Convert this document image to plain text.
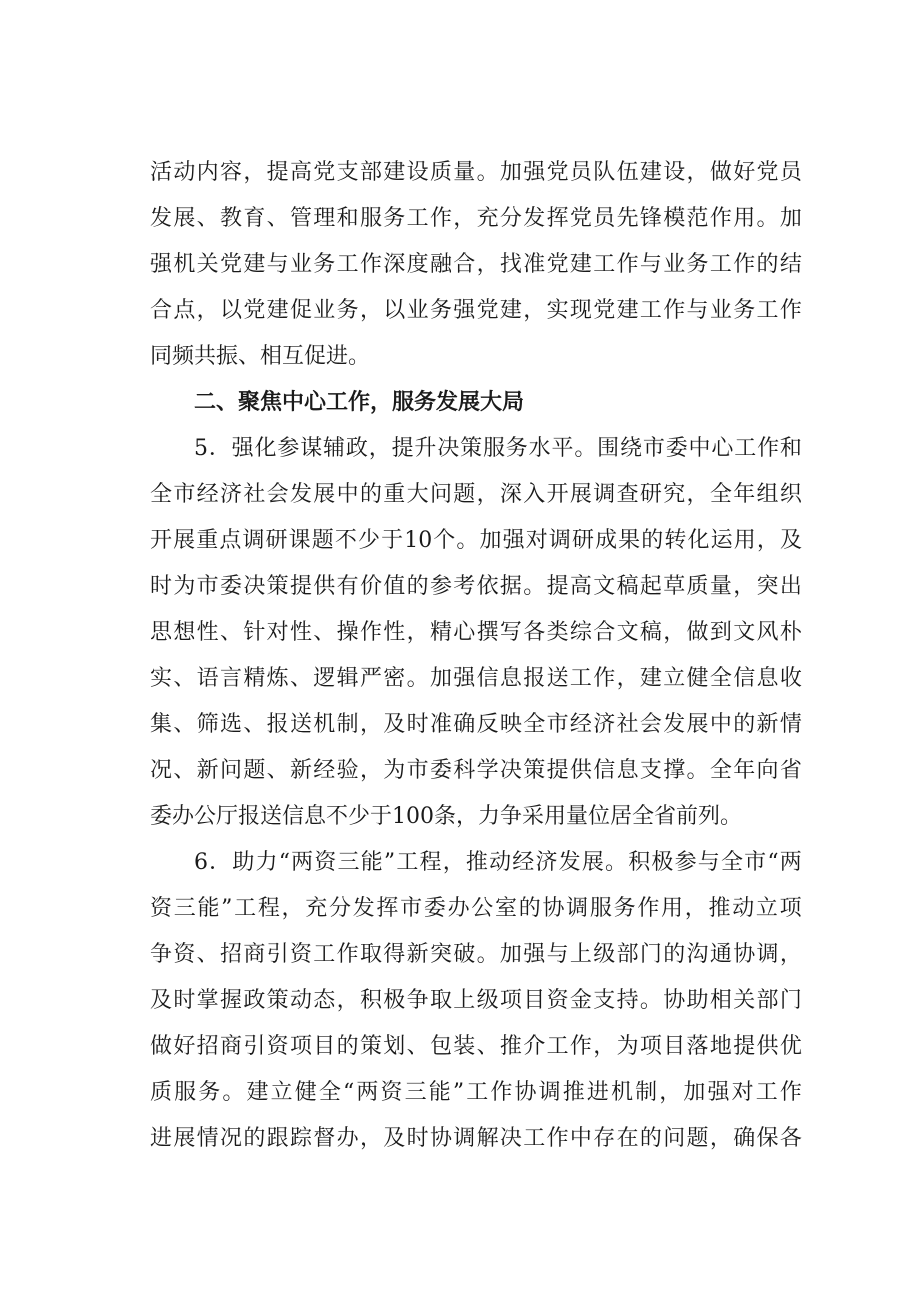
活 动 内 容 ， 提 高 党 支 部 建 设 质 量 。 加 强 党 员 队 伍 建 设 ， 做 好 党 员
发 展 、 教 育 、 管 理 和 服 务 工 作 ， 充 分 发 挥 党 员 先 锋 模 范 作 用 。 加
强 机 关 党 建 与 业 务 工 作 深 度 融 合 ， 找 准 党 建 工 作 与 业 务 工 作 的 结
合 点 ， 以 党 建 促 业 务 ， 以 业 务 强 党 建 ， 实 现 党 建 工 作 与 业 务 工 作
同频共振、相互促进。
二、聚焦中心工作，服务发展大局
5 ． 强 化 参 谋 辅 政 ， 提 升 决 策 服 务 水 平 。 围 绕 市 委 中 心 工 作 和
全 市 经 济 社 会 发 展 中 的 重 大 问 题 ， 深 入 开 展 调 查 研 究 ， 全 年 组 织
开 展 重 点 调 研 课 题 不 少 于 10 个 。 加 强 对 调 研 成 果 的 转 化 运 用 ， 及
时 为 市 委 决 策 提 供 有 价 值 的 参 考 依 据 。 提 高 文 稿 起 草 质 量 ， 突 出
思 想 性 、 针 对 性 、 操 作 性 ， 精 心 撰 写 各 类 综 合 文 稿 ， 做 到 文 风 朴
实 、 语 言 精 炼 、 逻 辑 严 密 。 加 强 信 息 报 送 工 作 ， 建 立 健 全 信 息 收
集 、 筛 选 、 报 送 机 制 ， 及 时 准 确 反 映 全 市 经 济 社 会 发 展 中 的 新 情
况 、 新 问 题 、 新 经 验 ， 为 市 委 科 学 决 策 提 供 信 息 支 撑 。 全 年 向 省
委办公厅报送信息不少于100条，力争采用量位居全省前列。
6 ． 助 力 “ 两 资 三 能 ” 工 程 ， 推 动 经 济 发 展 。 积 极 参 与 全 市 “ 两
资 三 能 ” 工 程 ， 充 分 发 挥 市 委 办 公 室 的 协 调 服 务 作 用 ， 推 动 立 项
争 资 、 招 商 引 资 工 作 取 得 新 突 破 。 加 强 与 上 级 部 门 的 沟 通 协 调 ，
及 时 掌 握 政 策 动 态 ， 积 极 争 取 上 级 项 目 资 金 支 持 。 协 助 相 关 部 门
做 好 招 商 引 资 项 目 的 策 划 、 包 装 、 推 介 工 作 ， 为 项 目 落 地 提 供 优
质 服 务 。 建 立 健 全 “ 两 资 三 能 ” 工 作 协 调 推 进 机 制 ， 加 强 对 工 作
进 展 情 况 的 跟 踪 督 办 ， 及 时 协 调 解 决 工 作 中 存 在 的 问 题 ， 确 保 各
